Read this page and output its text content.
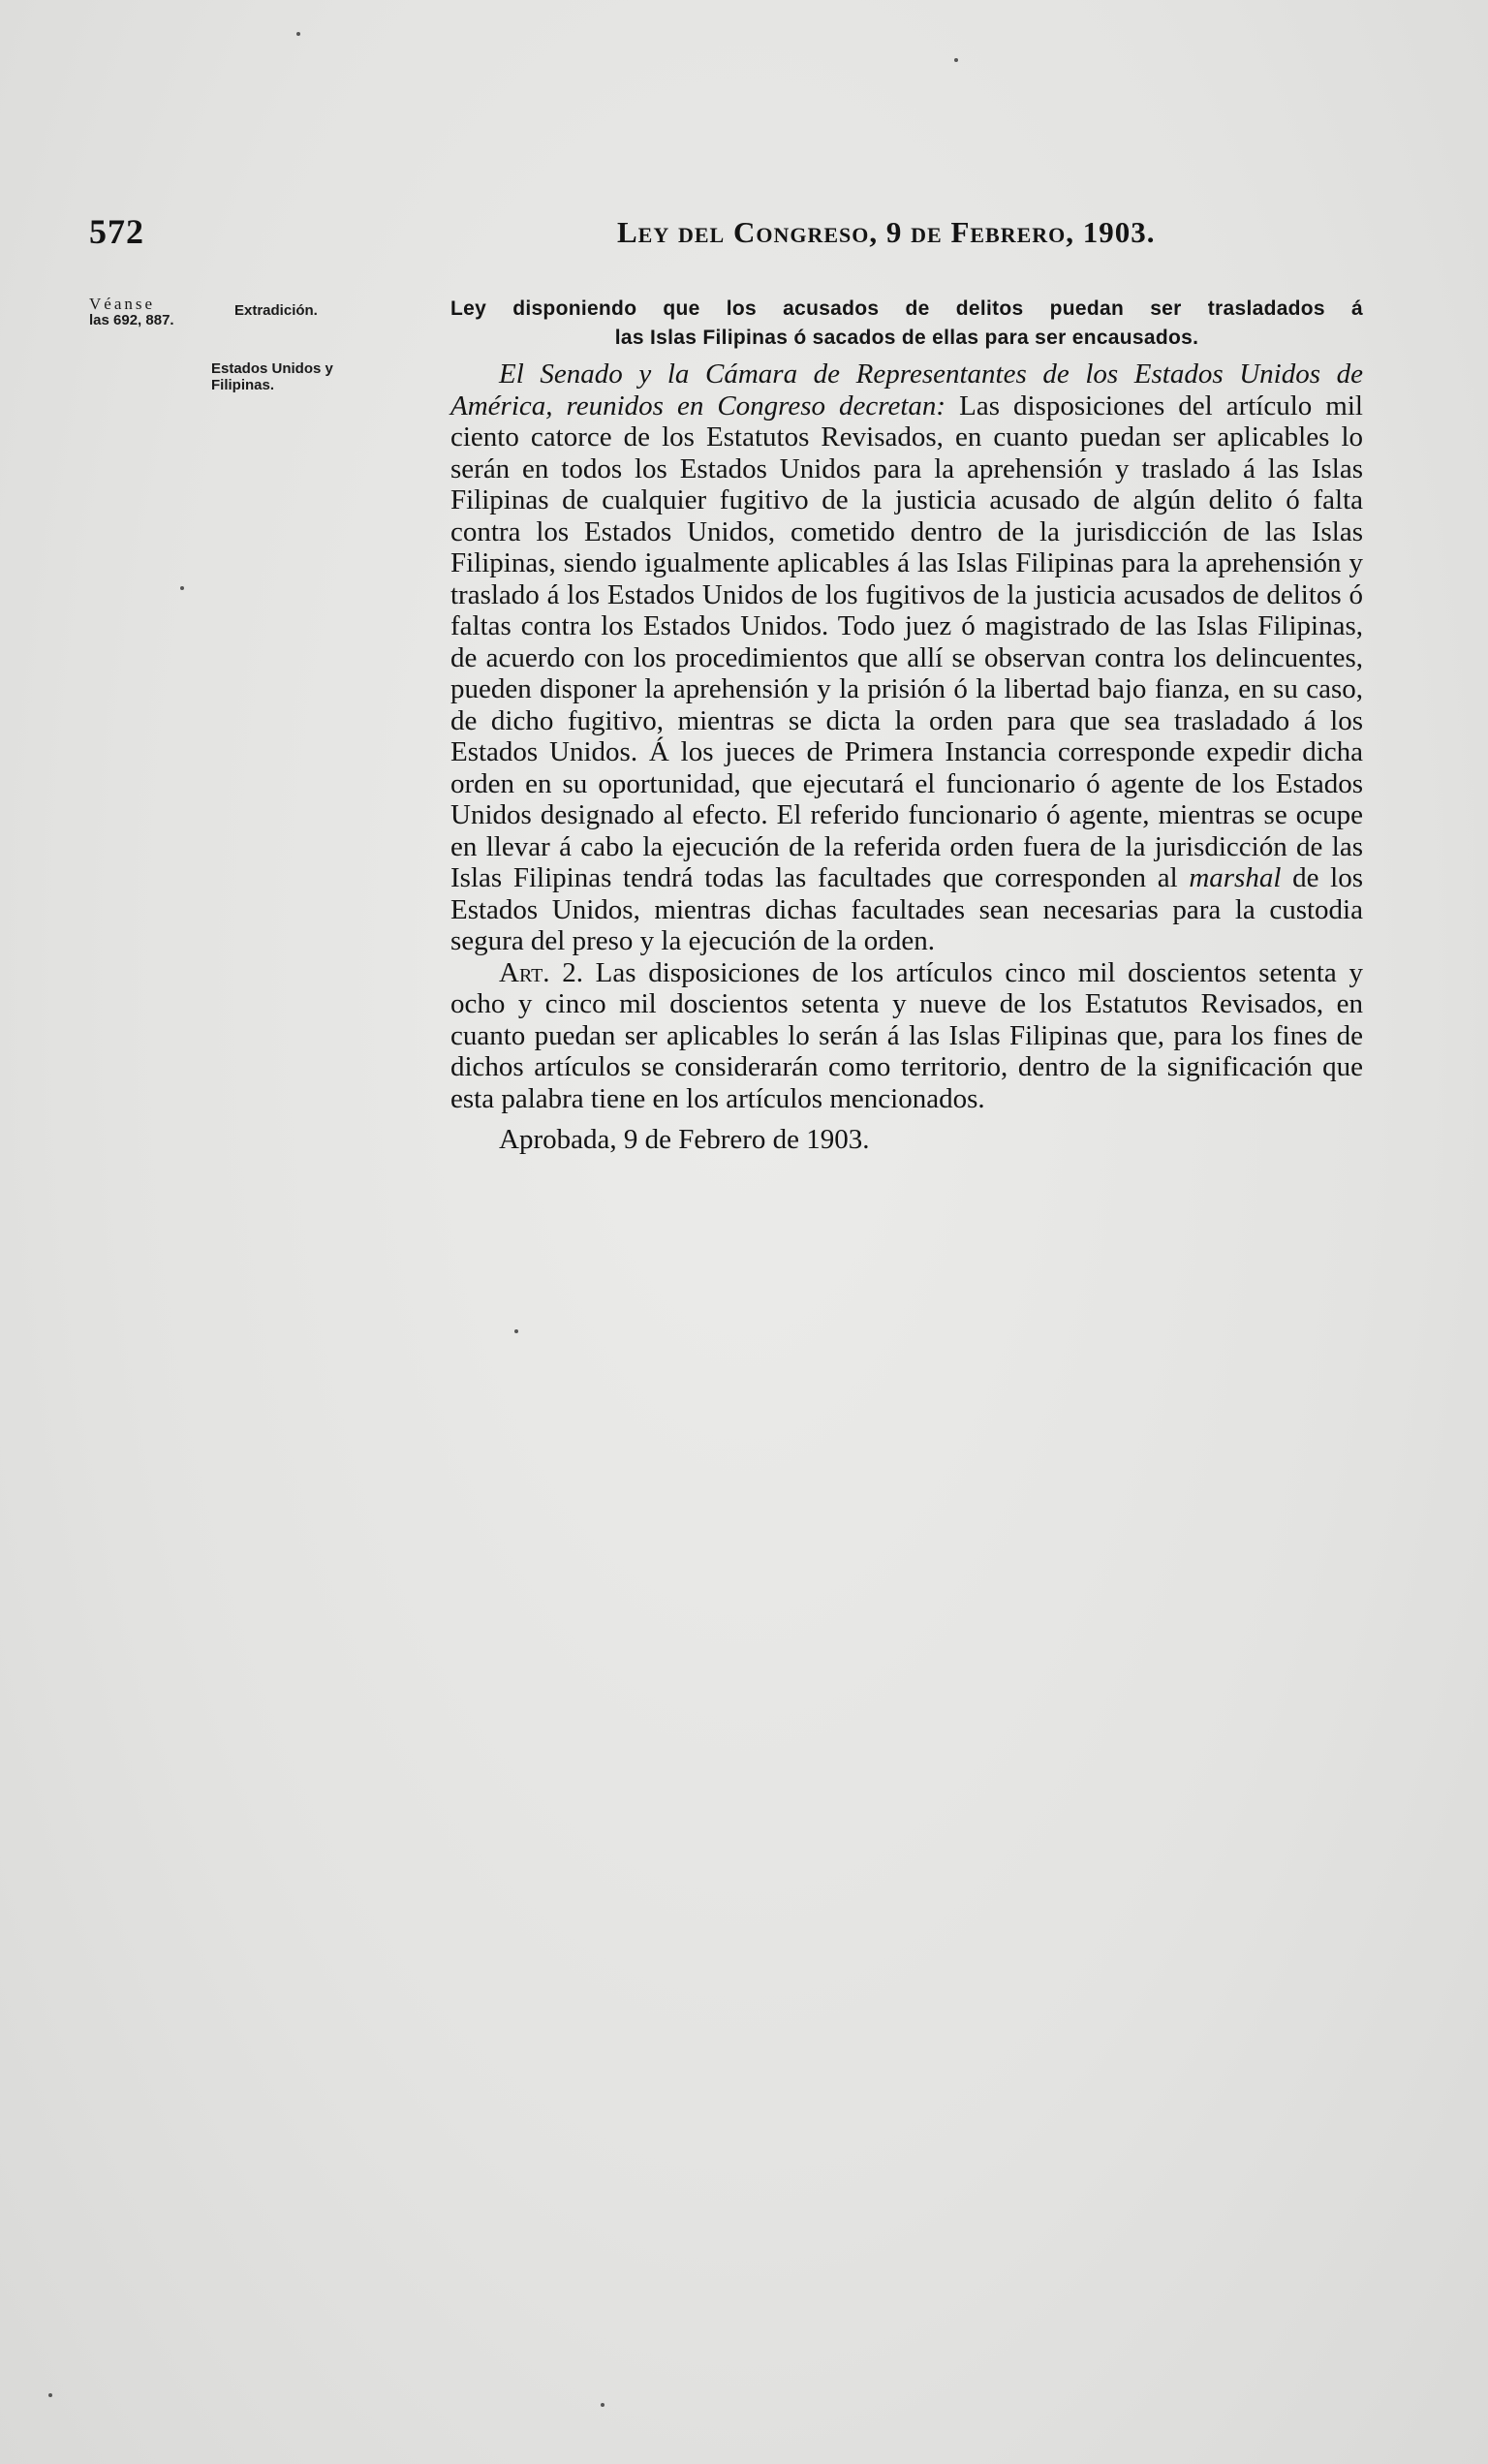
572	Ley del Congreso, 9 de Febrero, 1903.
Véanse
las 692, 887.
Extradición.
Estados Unidos y
Filipinas.
Ley disponiendo que los acusados de delitos puedan ser trasladados á
las Islas Filipinas ó sacados de ellas para ser encausados.

El Senado y la Cámara de Representantes de los Estados Unidos de América, reunidos en Congreso decretan: Las disposiciones del artículo mil ciento catorce de los Estatutos Revisados, en cuanto puedan ser aplicables lo serán en todos los Estados Unidos para la aprehensión y traslado á las Islas Filipinas de cualquier fugitivo de la justicia acusado de algún delito ó falta contra los Estados Unidos, cometido dentro de la jurisdicción de las Islas Filipinas, siendo igualmente aplicables á las Islas Filipinas para la aprehensión y traslado á los Estados Unidos de los fugitivos de la justicia acusados de delitos ó faltas contra los Estados Unidos. Todo juez ó magistrado de las Islas Filipinas, de acuerdo con los procedimientos que allí se observan contra los delincuentes, pueden disponer la aprehensión y la prisión ó la libertad bajo fianza, en su caso, de dicho fugitivo, mientras se dicta la orden para que sea trasladado á los Estados Unidos. Á los jueces de Primera Instancia corresponde expedir dicha orden en su oportunidad, que ejecutará el funcionario ó agente de los Estados Unidos designado al efecto. El referido funcionario ó agente, mientras se ocupe en llevar á cabo la ejecución de la referida orden fuera de la jurisdicción de las Islas Filipinas tendrá todas las facultades que corresponden al marshal de los Estados Unidos, mientras dichas facultades sean necesarias para la custodia segura del preso y la ejecución de la orden.

Art. 2. Las disposiciones de los artículos cinco mil doscientos setenta y ocho y cinco mil doscientos setenta y nueve de los Estatutos Revisados, en cuanto puedan ser aplicables lo serán á las Islas Filipinas que, para los fines de dichos artículos se considerarán como territorio, dentro de la significación que esta palabra tiene en los artículos mencionados.

Aprobada, 9 de Febrero de 1903.
